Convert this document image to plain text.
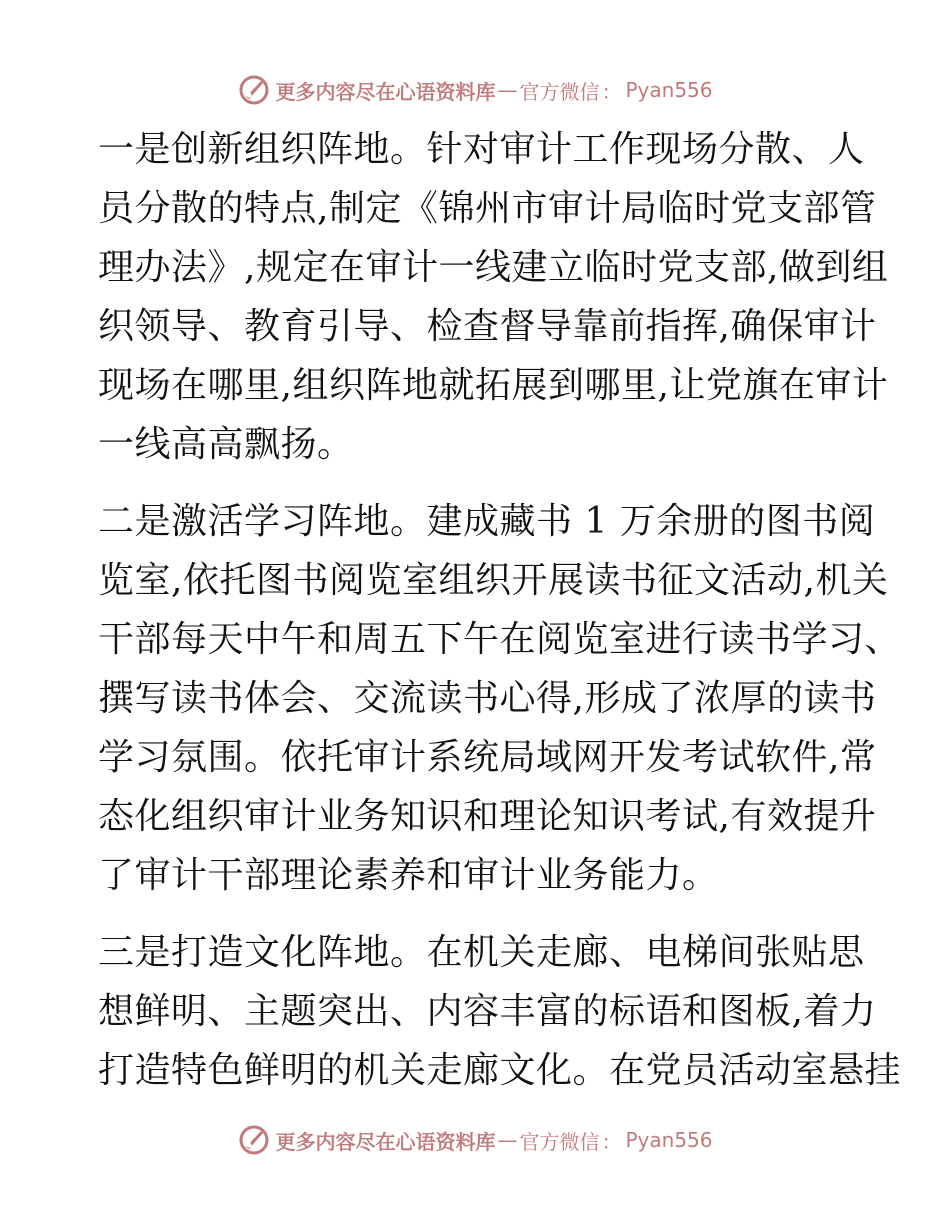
更多内容尽在心语资料库 — 官方微信 ： Pyan556

一是创新组织阵地。针对审计工作现场分散、人
员分散的特点,制定《锦州市审计局临时党支部管
理办法》,规定在审计一线建立临时党支部,做到组
织领导、教育引导、检查督导靠前指挥,确保审计
现场在哪里,组织阵地就拓展到哪里,让党旗在审计
一线高高飘扬。

二是激活学习阵地。建成藏书 1 万余册的图书阅
览室,依托图书阅览室组织开展读书征文活动,机关
干部每天中午和周五下午在阅览室进行读书学习、
撰写读书体会、交流读书心得,形成了浓厚的读书
学习氛围。依托审计系统局域网开发考试软件,常
态化组织审计业务知识和理论知识考试,有效提升
了审计干部理论素养和审计业务能力。

三是打造文化阵地。在机关走廊、电梯间张贴思
想鲜明、主题突出、内容丰富的标语和图板,着力
打造特色鲜明的机关走廊文化。在党员活动室悬挂

更多内容尽在心语资料库 — 官方微信 ： Pyan556
